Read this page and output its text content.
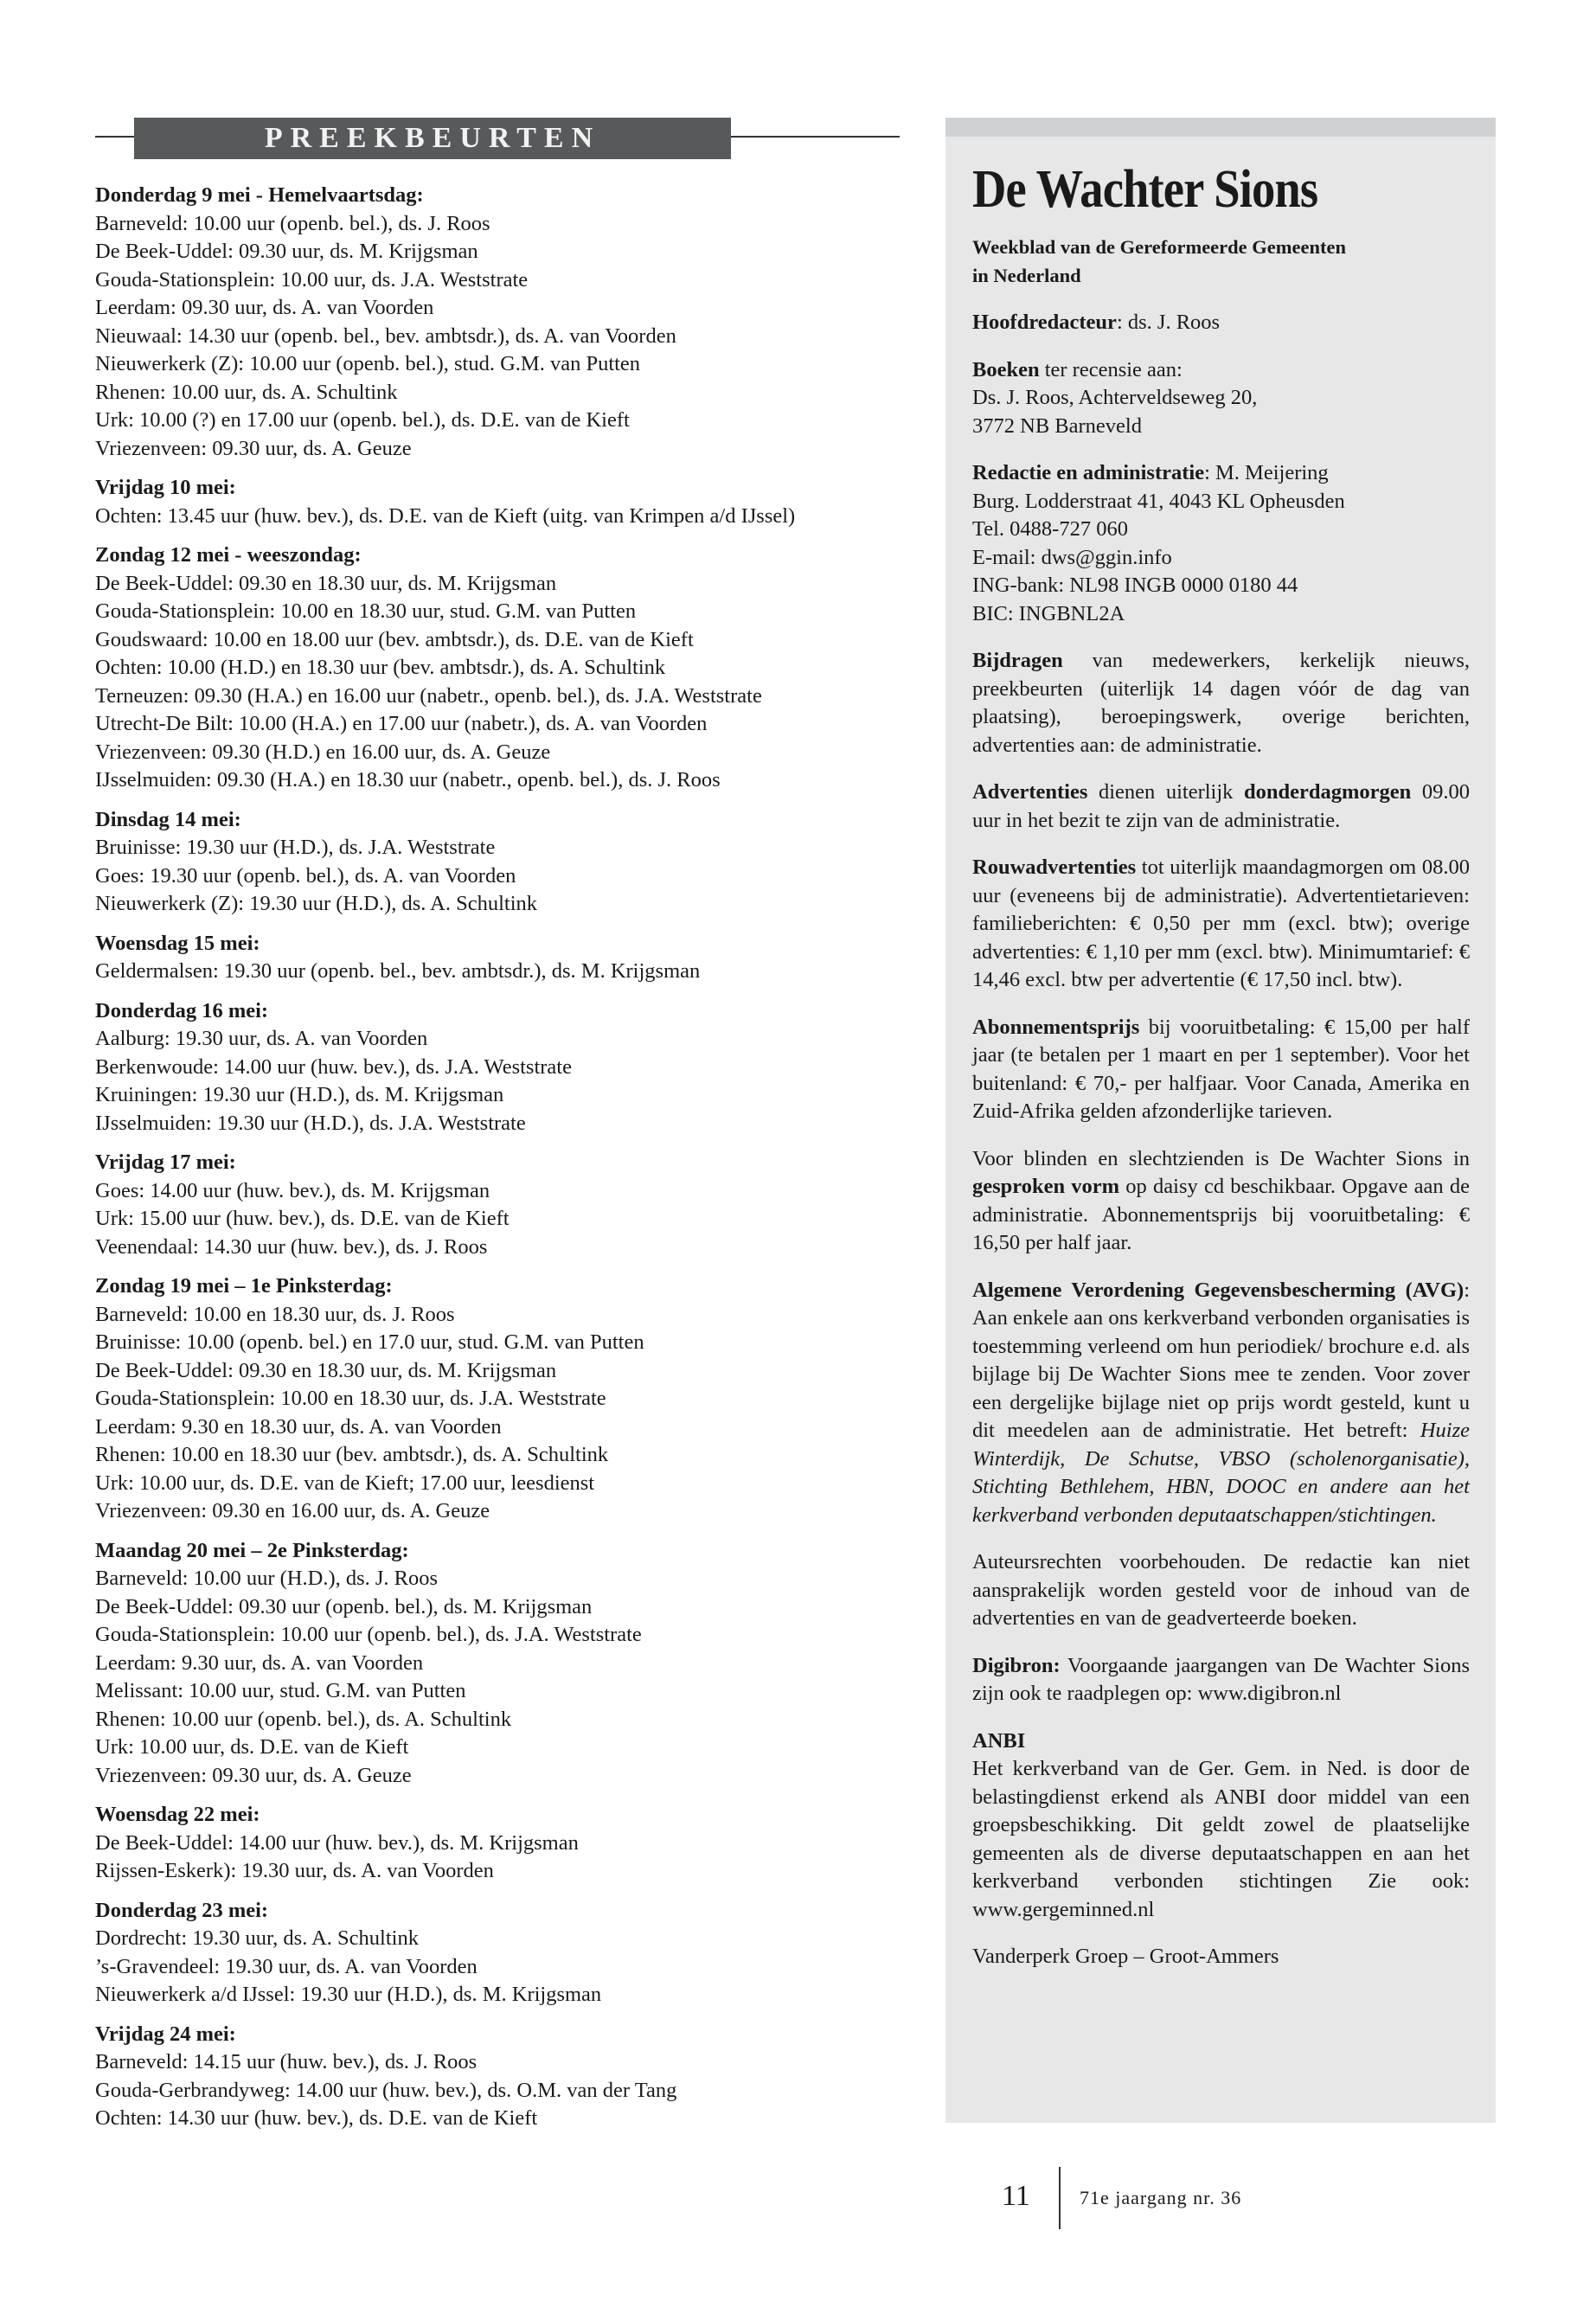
PREEKBEURTEN
Donderdag 9 mei - Hemelvaartsdag:
Barneveld: 10.00 uur (openb. bel.), ds. J. Roos
De Beek-Uddel: 09.30 uur, ds. M. Krijgsman
Gouda-Stationsplein: 10.00 uur, ds. J.A. Weststrate
Leerdam: 09.30 uur, ds. A. van Voorden
Nieuwaal: 14.30 uur (openb. bel., bev. ambtsdr.), ds. A. van Voorden
Nieuwerkerk (Z): 10.00 uur (openb. bel.), stud. G.M. van Putten
Rhenen: 10.00 uur, ds. A. Schultink
Urk: 10.00 (?) en 17.00 uur (openb. bel.), ds. D.E. van de Kieft
Vriezenveen: 09.30 uur, ds. A. Geuze
Vrijdag 10 mei:
Ochten: 13.45 uur (huw. bev.), ds. D.E. van de Kieft (uitg. van Krimpen a/d IJssel)
Zondag 12 mei - weeszondag:
De Beek-Uddel: 09.30 en 18.30 uur, ds. M. Krijgsman
Gouda-Stationsplein: 10.00 en 18.30 uur, stud. G.M. van Putten
Goudswaard: 10.00 en 18.00 uur (bev. ambtsdr.), ds. D.E. van de Kieft
Ochten: 10.00 (H.D.) en 18.30 uur (bev. ambtsdr.), ds. A. Schultink
Terneuzen: 09.30 (H.A.) en 16.00 uur (nabetr., openb. bel.), ds. J.A. Weststrate
Utrecht-De Bilt: 10.00 (H.A.) en 17.00 uur (nabetr.), ds. A. van Voorden
Vriezenveen: 09.30 (H.D.) en 16.00 uur, ds. A. Geuze
IJsselmuiden: 09.30 (H.A.) en 18.30 uur (nabetr., openb. bel.), ds. J. Roos
Dinsdag 14 mei:
Bruinisse: 19.30 uur (H.D.), ds. J.A. Weststrate
Goes: 19.30 uur (openb. bel.), ds. A. van Voorden
Nieuwerkerk (Z): 19.30 uur (H.D.), ds. A. Schultink
Woensdag 15 mei:
Geldermalsen: 19.30 uur (openb. bel., bev. ambtsdr.), ds. M. Krijgsman
Donderdag 16 mei:
Aalburg: 19.30 uur, ds. A. van Voorden
Berkenwoude: 14.00 uur (huw. bev.), ds. J.A. Weststrate
Kruiningen: 19.30 uur (H.D.), ds. M. Krijgsman
IJsselmuiden: 19.30 uur (H.D.), ds. J.A. Weststrate
Vrijdag 17 mei:
Goes: 14.00 uur (huw. bev.), ds. M. Krijgsman
Urk: 15.00 uur (huw. bev.), ds. D.E. van de Kieft
Veenendaal: 14.30 uur (huw. bev.), ds. J. Roos
Zondag 19 mei – 1e Pinksterdag:
Barneveld: 10.00 en 18.30 uur, ds. J. Roos
Bruinisse: 10.00 (openb. bel.) en 17.0 uur, stud. G.M. van Putten
De Beek-Uddel: 09.30 en 18.30 uur, ds. M. Krijgsman
Gouda-Stationsplein: 10.00 en 18.30 uur, ds. J.A. Weststrate
Leerdam: 9.30 en 18.30 uur, ds. A. van Voorden
Rhenen: 10.00 en 18.30 uur (bev. ambtsdr.), ds. A. Schultink
Urk: 10.00 uur, ds. D.E. van de Kieft; 17.00 uur, leesdienst
Vriezenveen: 09.30 en 16.00 uur, ds. A. Geuze
Maandag 20 mei – 2e Pinksterdag:
Barneveld: 10.00 uur (H.D.), ds. J. Roos
De Beek-Uddel: 09.30 uur (openb. bel.), ds. M. Krijgsman
Gouda-Stationsplein: 10.00 uur (openb. bel.), ds. J.A. Weststrate
Leerdam: 9.30 uur, ds. A. van Voorden
Melissant: 10.00 uur, stud. G.M. van Putten
Rhenen: 10.00 uur (openb. bel.), ds. A. Schultink
Urk: 10.00 uur, ds. D.E. van de Kieft
Vriezenveen: 09.30 uur, ds. A. Geuze
Woensdag 22 mei:
De Beek-Uddel: 14.00 uur (huw. bev.), ds. M. Krijgsman
Rijssen-Eskerk): 19.30 uur, ds. A. van Voorden
Donderdag 23 mei:
Dordrecht: 19.30 uur, ds. A. Schultink
’s-Gravendeel: 19.30 uur, ds. A. van Voorden
Nieuwerkerk a/d IJssel: 19.30 uur (H.D.), ds. M. Krijgsman
Vrijdag 24 mei:
Barneveld: 14.15 uur (huw. bev.), ds. J. Roos
Gouda-Gerbrandyweg: 14.00 uur (huw. bev.), ds. O.M. van der Tang
Ochten: 14.30 uur (huw. bev.), ds. D.E. van de Kieft
De Wachter Sions
Weekblad van de Gereformeerde Gemeenten
in Nederland
Hoofdredacteur: ds. J. Roos
Boeken ter recensie aan:
Ds. J. Roos, Achterveldseweg 20,
3772 NB Barneveld
Redactie en administratie: M. Meijering
Burg. Lodderstraat 41, 4043 KL Opheusden
Tel. 0488-727 060
E-mail: dws@ggin.info
ING-bank: NL98 INGB 0000 0180 44
BIC: INGBNL2A
Bijdragen van medewerkers, kerkelijk nieuws, preekbeurten (uiterlijk 14 dagen vóór de dag van plaatsing), beroepingswerk, overige berichten, advertenties aan: de administratie.
Advertenties dienen uiterlijk donderdagmorgen 09.00 uur in het bezit te zijn van de administratie.
Rouwadvertenties tot uiterlijk maandagmorgen om 08.00 uur (eveneens bij de administratie). Advertentietarieven: familieberichten: € 0,50 per mm (excl. btw); overige advertenties: € 1,10 per mm (excl. btw). Minimumtarief: € 14,46 excl. btw per advertentie (€ 17,50 incl. btw).
Abonnementsprijs bij vooruitbetaling: € 15,00 per half jaar (te betalen per 1 maart en per 1 september). Voor het buitenland: € 70,- per halfjaar. Voor Canada, Amerika en Zuid-Afrika gelden afzonderlijke tarieven.
Voor blinden en slechtzienden is De Wachter Sions in gesproken vorm op daisy cd beschikbaar. Opgave aan de administratie. Abonnementsprijs bij vooruitbetaling: € 16,50 per half jaar.
Algemene Verordening Gegevensbescherming (AVG): Aan enkele aan ons kerkverband verbonden organisaties is toestemming verleend om hun periodiek/ brochure e.d. als bijlage bij De Wachter Sions mee te zenden. Voor zover een dergelijke bijlage niet op prijs wordt gesteld, kunt u dit meedelen aan de administratie. Het betreft: Huize Winterdijk, De Schutse, VBSO (scholenorganisatie), Stichting Bethlehem, HBN, DOOC en andere aan het kerkverband verbonden deputaatschappen/stichtingen.
Auteursrechten voorbehouden. De redactie kan niet aansprakelijk worden gesteld voor de inhoud van de advertenties en van de geadverteerde boeken.
Digibron: Voorgaande jaargangen van De Wachter Sions zijn ook te raadplegen op: www.digibron.nl
ANBI
Het kerkverband van de Ger. Gem. in Ned. is door de belastingdienst erkend als ANBI door middel van een groepsbeschikking. Dit geldt zowel de plaatselijke gemeenten als de diverse deputaatschappen en aan het kerkverband verbonden stichtingen Zie ook: www.gergeminned.nl
Vanderperk Groep – Groot-Ammers
11	71e jaargang nr. 36
